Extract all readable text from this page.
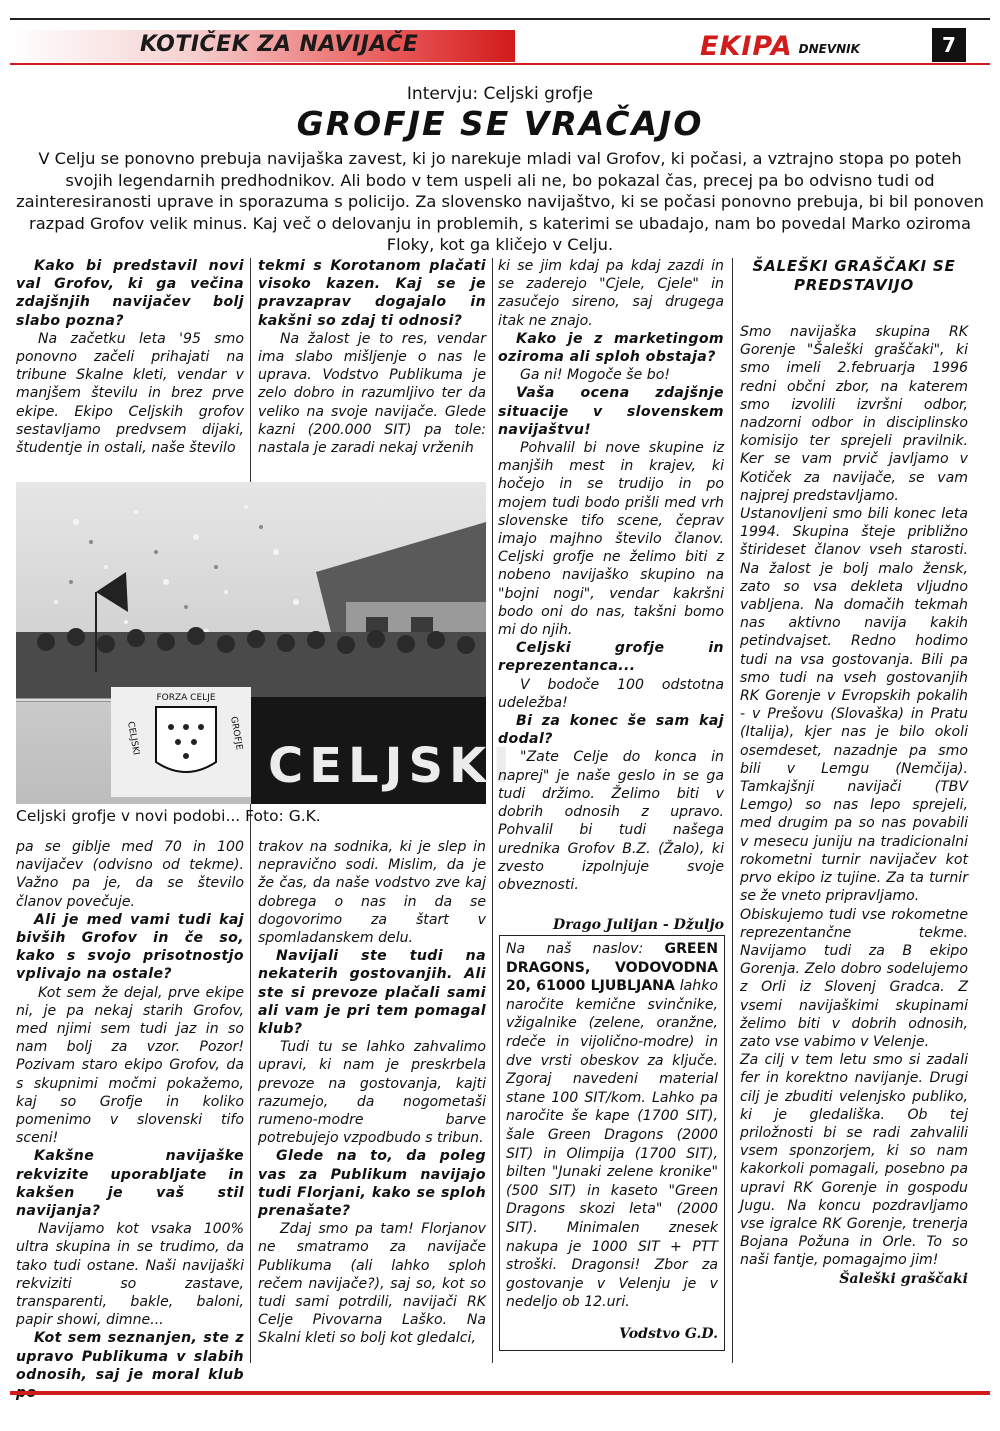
KOTIČEK ZA NAVIJAČE	EKIPA DNEVNIK	7
Intervju: Celjski grofje
GROFJE SE VRAČAJO
V Celju se ponovno prebuja navijaška zavest, ki jo narekuje mladi val Grofov, ki počasi, a vztrajno stopa po poteh svojih legendarnih predhodnikov. Ali bodo v tem uspeli ali ne, bo pokazal čas, precej pa bo odvisno tudi od zainteresiranosti uprave in sporazuma s policijo. Za slovensko navijaštvo, ki se počasi ponovno prebuja, bi bil ponoven razpad Grofov velik minus. Kaj več o delovanju in problemih, s katerimi se ubadajo, nam bo povedal Marko oziroma Floky, kot ga kličejo v Celju.

Kako bi predstavil novi val Grofov, ki ga večina zdajšnjih navijačev bolj slabo pozna?

Na začetku leta '95 smo ponovno začeli prihajati na tribune Skalne kleti, vendar v manjšem številu in brez prve ekipe. Ekipo Celjskih grofov sestavljamo predvsem dijaki, študentje in ostali, naše število

tekmi s Korotanom plačati visoko kazen. Kaj se je pravzaprav dogajalo in kakšni so zdaj ti odnosi?

Na žalost je to res, vendar ima slabo mišljenje o nas le uprava. Vodstvo Publikuma je zelo dobro in razumljivo ter da veliko na svoje navijače. Glede kazni (200.000 SIT) pa tole: nastala je zaradi nekaj vrženih

FORZA CELJE
CELJSKI	GROFJE
CELJSKI
Celjski grofje v novi podobi... Foto: G.K.

pa se giblje med 70 in 100 navijačev (odvisno od tekme). Važno pa je, da se število članov povečuje.

Ali je med vami tudi kaj bivših Grofov in če so, kako s svojo prisotnostjo vplivajo na ostale?

Kot sem že dejal, prve ekipe ni, je pa nekaj starih Grofov, med njimi sem tudi jaz in so nam bolj za vzor. Pozor! Pozivam staro ekipo Grofov, da s skupnimi močmi pokažemo, kaj so Grofje in koliko pomenimo v slovenski tifo sceni!

Kakšne navijaške rekvizite uporabljate in kakšen je vaš stil navijanja?

Navijamo kot vsaka 100% ultra skupina in se trudimo, da tako tudi ostane. Naši navijaški rekviziti so zastave, transparenti, bakle, baloni, papir showi, dimne...

Kot sem seznanjen, ste z upravo Publikuma v slabih odnosih, saj je moral klub

trakov na sodnika, ki je slep in nepravično sodi. Mislim, da je že čas, da naše vodstvo zve kaj dobrega o nas in da se dogovorimo za štart v spomladanskem delu.

Navijali ste tudi na nekaterih gostovanjih. Ali ste si prevoze plačali sami ali vam je pri tem pomagal klub?

Tudi tu se lahko zahvalimo upravi, ki nam je preskrbela prevoze na gostovanja, kajti razumejo, da nogometaši rumeno-modre barve potrebujejo vzpodbudo s tribun.

Glede na to, da poleg vas za Publikum navijajo tudi Florjani, kako se sploh prenašate?

Zdaj smo pa tam! Florjanov ne smatramo za navijače Publikuma (ali lahko sploh rečem navijače?), saj so, kot so tudi sami potrdili, navijači RK Celje Pivovarna Laško. Na Skalni kleti so bolj kot gledalci,

ki se jim kdaj pa kdaj zazdi in se zaderejo "Cjele, Cjele" in zasučejo sireno, saj drugega itak ne znajo.

Kako je z marketingom oziroma ali sploh obstaja?

Ga ni! Mogoče še bo!

Vaša ocena zdajšnje situacije v slovenskem navijaštvu!

Pohvalil bi nove skupine iz manjših mest in krajev, ki hočejo in se trudijo in po mojem tudi bodo prišli med vrh slovenske tifo scene, čeprav imajo majhno število članov. Celjski grofje ne želimo biti z nobeno navijaško skupino na "bojni nogi", vendar kakršni bodo oni do nas, takšni bomo mi do njih.

Celjski grofje in reprezentanca...

V bodoče 100 odstotna udeležba!

Bi za konec še sam kaj dodal?

"Zate Celje do konca in naprej" je naše geslo in se ga tudi držimo. Želimo biti v dobrih odnosih z upravo. Pohvalil bi tudi našega urednika Grofov B.Z. (Žalo), ki zvesto izpolnjuje svoje obveznosti.

Drago Julijan - Džuljo

Na naš naslov: GREEN DRAGONS, VODOVODNA 20, 61000 LJUBLJANA lahko naročite kemične svinčnike, vžigalnike (zelene, oranžne, rdeče in vijolično-modre) in dve vrsti obeskov za ključe. Zgoraj navedeni material stane 100 SIT/kom. Lahko pa naročite še kape (1700 SIT), šale Green Dragons (2000 SIT) in Olimpija (1700 SIT), bilten "Junaki zelene kronike" (500 SIT) in kaseto "Green Dragons skozi leta" (2000 SIT). Minimalen znesek nakupa je 1000 SIT + PTT stroški. Dragonsi! Zbor za gostovanje v Velenju je v nedeljo ob 12.uri.
Vodstvo G.D.

ŠALEŠKI GRAŠČAKI SE PREDSTAVIJO

Smo navijaška skupina RK Gorenje "Šaleški graščaki", ki smo imeli 2.februarja 1996 redni občni zbor, na katerem smo izvolili izvršni odbor, nadzorni odbor in disciplinsko komisijo ter sprejeli pravilnik. Ker se vam prvič javljamo v Kotiček za navijače, se vam najprej predstavljamo.

Ustanovljeni smo bili konec leta 1994. Skupina šteje približno štirideset članov vseh starosti. Na žalost je bolj malo žensk, zato so vsa dekleta vljudno vabljena. Na domačih tekmah nas aktivno navija kakih petindvajset. Redno hodimo tudi na vsa gostovanja. Bili pa smo tudi na vseh gostovanjih RK Gorenje v Evropskih pokalih - v Prešovu (Slovaška) in Pratu (Italija), kjer nas je bilo okoli osemdeset, nazadnje pa smo bili v Lemgu (Nemčija). Tamkajšnji navijači (TBV Lemgo) so nas lepo sprejeli, med drugim pa so nas povabili v mesecu juniju na tradicionalni rokometni turnir navijačev kot prvo ekipo iz tujine. Za ta turnir se že vneto pripravljamo.

Obiskujemo tudi vse rokometne reprezentančne tekme. Navijamo tudi za B ekipo Gorenja. Zelo dobro sodelujemo z Orli iz Slovenj Gradca. Z vsemi navijaškimi skupinami želimo biti v dobrih odnosih, zato vse vabimo v Velenje.

Za cilj v tem letu smo si zadali fer in korektno navijanje. Drugi cilj je zbuditi velenjsko publiko, ki je gledališka. Ob tej priložnosti bi se radi zahvalili vsem sponzorjem, ki so nam kakorkoli pomagali, posebno pa upravi RK Gorenje in gospodu Jugu. Na koncu pozdravljamo vse igralce RK Gorenje, trenerja Bojana Požuna in Orle. To so naši fantje, pomagajmo jim!

Šaleški graščaki
